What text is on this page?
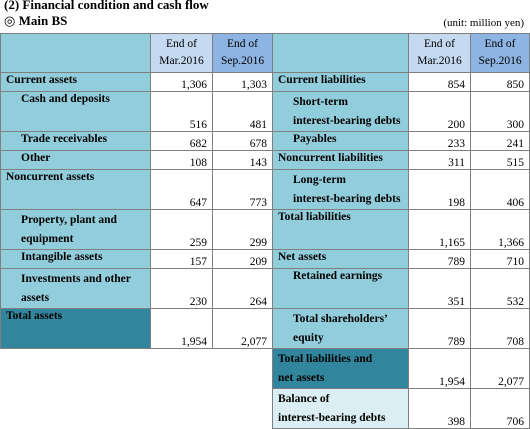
(2) Financial condition and cash flow
◎ Main BS	(unit: million yen)
	End of
Mar.2016	End of
Sep.2016		End of
Mar.2016	End of
Sep.2016
Current assets	1,306	1,303	Current liabilities	854	850
Cash and deposits	516	481	Short-term
interest-bearing debts	200	300
Trade receivables	682	678	Payables	233	241
Other	108	143	Noncurrent liabilities	311	515
Noncurrent assets	647	773	Long-term
interest-bearing debts	198	406
Property, plant and
equipment	259	299	Total liabilities	1,165	1,366
Intangible assets	157	209	Net assets	789	710
Investments and other
assets	230	264	Retained earnings	351	532
Total assets	1,954	2,077	Total shareholders’
equity	789	708
			Total liabilities and
net assets	1,954	2,077
			Balance of
interest-bearing debts	398	706
